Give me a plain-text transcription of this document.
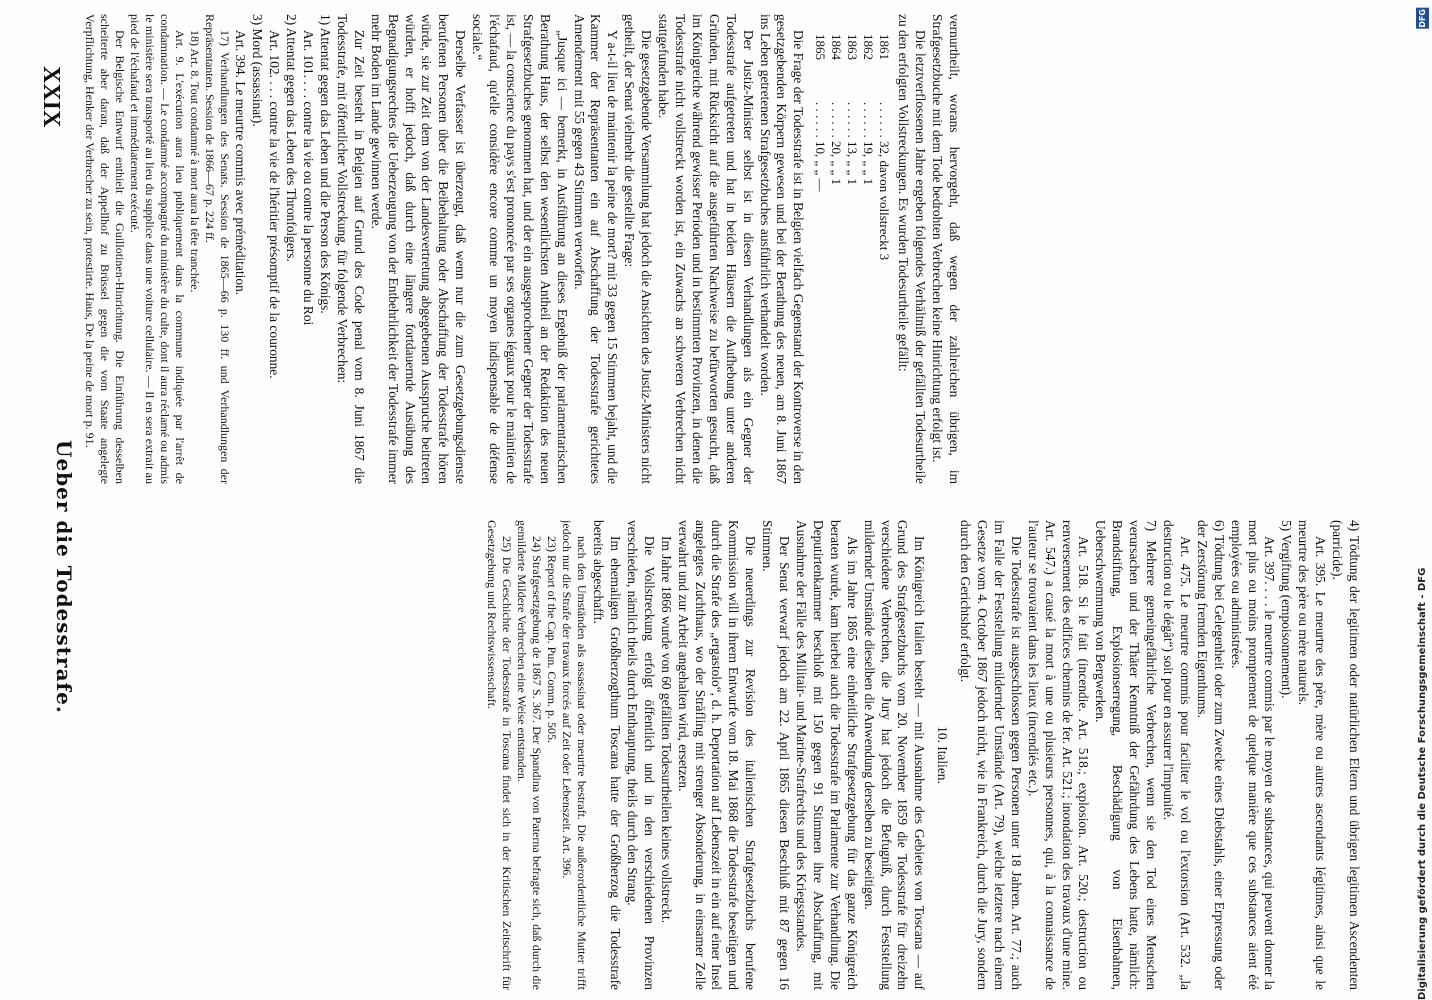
Ueber die Todesstrafe.
XXIX

4) Tödtung der legitimen oder natürlichen Eltern und übrigen legitimen Ascendenten (parricide).

Art. 395. Le meurtre des père, mère ou autres ascendants légitimes, ainsi que le meurtre des père ou mère naturels.

5) Vergiftung (empoisonnement).

Art. 397. . . . le meurtre commis par le moyen de substances, qui peuvent donner la mort plus ou moins promptement de quelque manière que ces substances aient été employées ou administrées.

6) Tödtung bei Gelegenheit oder zum Zwecke eines Diebstahls, einer Erpressung oder der Zerstörung fremden Eigenthums.

Art. 475. Le meurtre commis pour faciliter le vol ou l'extorsion (Art. 532. „la destruction ou le dégât“) soit pour en assurer l'impunité.

7) Mehrere gemeingefährliche Verbrechen, wenn sie den Tod eines Menschen verursachen und der Thäter Kenntniß der Gefährdung des Lebens hatte, nämlich: Brandstiftung, Explosionserregung, Beschädigung von Eisenbahnen, Ueberschwemmung von Bergwerken.

Art. 518. Si le fait (incendie. Art. 518.; explosion. Art. 520.; destruction ou renversement des edifices chemins de fer. Art. 521.; inondation des travaux d'une mine. Art. 547.) a causé la mort à une ou plusieurs personnes, qui, à la connaissance de l'auteur se trouvaient dans les lieux (incendiés etc.).

Die Todesstrafe ist ausgeschlossen gegen Personen unter 18 Jahren. Art. 77.; auch im Falle der Feststellung mildernder Umstände (Art. 79), welche letztere nach einem Gesetze vom 4. October 1867 jedoch nicht, wie in Frankreich, durch die Jury, sondern durch den Gerichtshof erfolgt.

10. Italien.

Im Königreich Italien besteht — mit Ausnahme des Gebietes von Toscana — auf Grund des Strafgesetzbuchs vom 20. November 1859 die Todesstrafe für dreizehn verschiedene Verbrechen, die Jury hat jedoch die Befugniß, durch Feststellung mildernder Umstände dieselben die Anwendung derselben zu beseitigen.

Als im Jahre 1865 eine einheitliche Strafgesetzgebung für das ganze Königreich beraten wurde, kam hierbei auch die Todesstrafe im Parlamente zur Verhandlung. Die Deputirtenkammer beschloß mit 150 gegen 91 Stimmen ihre Abschaffung, mit Ausnahme der Fälle des Militair- und Marine-Strafrechts und des Kriegsstandes.

Der Senat verwarf jedoch am 22. April 1865 diesen Beschluß mit 87 gegen 16 Stimmen.

Die neuerdings zur Revision des italienischen Strafgesetzbuchs berufene Kommission will in ihrem Entwurfe vom 18. Mai 1868 die Todesstrafe beseitigen und durch die Strafe des „ergastolo“, d. h. Deportation auf Lebenszeit in ein auf einer Insel angelegtes Zuchthaus, wo der Sträfling mit strenger Absonderung, in einsamer Zelle verwahrt und zur Arbeit angehalten wird, ersetzen.

Im Jahre 1866 wurde von 60 gefällten Todesurtheilen keines vollstreckt.

Die Vollstreckung erfolgt öffentlich und in den verschiedenen Provinzen verschieden, nämlich theils durch Enthauptung, theils durch den Strang.

Im ehemaligen Großherzogthum Toscana hatte der Großherzog die Todesstrafe bereits abgeschafft.

nach den Umständen als assassinat oder meurtre bestraft. Die außerordentliche Mutter trifft jedoch nur die Strafe der travaux forcés auf Zeit oder Lebenszeit. Art. 396.

23) Report of the Cap. Pun. Comm. p. 505.

24) Strafgesetzgebung de 1867 S. 367. Der Spandina von Paterna befragte sich, daß durch die gemilderte Mildere Verbrechen eine Weise entstanden.

25) Die Geschichte der Todesstrafe in Toscana findet sich in der Kritischen Zeitschrift für Gesetzgebung und Rechtswissenschaft.

vernurtheilt, worans hervorgeht, daß wegen der zahlreichen übrigen, im Strafgesetzbuche mit dem Tode bedrohten Verbrechen keine Hinrichtung erfolgt ist.

Die letztverflossenen Jahre ergeben folgendes Verhältniß der gefällten Todesurtheile zu den erfolgten Vollstreckungen. Es wurden Todesurtheile gefällt:

1861
. . . . . . 32, davon vollstreckt 3
1862
. . . . . . 19, „ „ 1
1863
. . . . . . 13, „ „ 1
1864
. . . . . . 20, „ „ 1
1865
. . . . . . 10, „ „ —

Die Frage der Todesstrafe ist in Belgien vielfach Gegenstand der Kontroverse in den gesetzgebenden Körpern gewesen und bei der Berathung des neuen, am 8. Juni 1867 ins Leben getretenen Strafgesetzbuches ausführlich verhandelt worden.

Der Justiz-Minister selbst ist in diesen Verhandlungen als ein Gegner der Todesstrafe aufgetreten und hat in beiden Häusern die Aufhebung unter anderen Gründen, mit Rücksicht auf die ausgeführten Nachweise zu befürworten gesucht, daß im Königreiche während gewisser Perioden und in bestimmten Provinzen, in denen die Todesstrafe nicht vollstreckt worden ist, ein Zuwachs an schweren Verbrechen nicht stattgefunden habe.

Die gesetzgebende Versammlung hat jedoch die Ansichten des Justiz-Ministers nicht getheilt, der Senat vielmehr die gestellte Frage:

Y a-t-il lieu de maintenir la peine de mort? mit 33 gegen 15 Stimmen bejaht, und die Kammer der Repräsentanten ein auf Abschaffung der Todesstrafe gerichtetes Amendement mit 55 gegen 43 Stimmen verworfen.

„Jusque ici — bemerkt, in Ausführung an dieses Ergebniß der parlamentarischen Berathung Haus, der selbst den wesentlichsten Antheil an der Redaktion des neuen Strafgesetzbuches genommen hat, und der ein ausgesprochener Gegner der Todesstrafe ist, — la conscience du pays s'est prononcée par ses organes légaux pour le maintien de l'échafaud, qu'elle considère encore comme un moyen indispensable de défense sociale.“

Derselbe Verfasser ist überzeugt, daß wenn nur die zum Gesetzgebungsdienste berufenen Personen über die Beibehaltung oder Abschaffung der Todesstrafe hören würde, sie zur Zeit dem von der Landesvertretung abgegebenen Ausspruche beitreten würden, er hofft jedoch, daß durch eine längere fortdauernde Ausübung des Begnadigungsrechtes die Ueberzeugung von der Entbehrlichkeit der Todesstrafe immer mehr Boden im Lande gewinnen werde.

Zur Zeit besteht in Belgien auf Grund des Code penal vom 8. Juni 1867 die Todesstrafe, mit öffentlicher Vollstreckung, für folgende Verbrechen:

1) Attentat gegen das Leben und die Person des Königs.

Art. 101. . . . contre la vie ou contre la personne du Roi

2) Attentat gegen das Leben des Thronfolgers.

Art. 102. . . . contre la vie de l'héritier présomptif de la couronne.

3) Mord (assassinat).

Art. 394. Le meurtre commis avec préméditation.

17) Verhandlungen des Senats. Session de 1865—66 p. 130 ff. und Verhandlungen der Repräsentanten. Session de 1866—67 p. 224 ff.

18) Art. 8. Tout condamné à mort aura la tête tranchée.

Art. 9. L'exécution aura lieu publiquement dans la commune indiquée par l'arrêt de condamnation. — Le condamné accompagné du ministère du culte, dont il aura réclamé ou admis le ministère sera transporté au lieu du supplice dans une voiture cellulaire. — Il en sera extrait au pied de l'échafaud et immédiatement exécuté.

Der Belgische Entwurf enthielt die Guillotinen-Hinrichtung. Die Einführung desselben scheiterte aber daran, daß der Appellhof zu Brüssel gegen die vom Staate angelegte Verpflichtung, Henker der Verbrecher zu sein, protestirte. Haus, De la peine de mort p. 91.

Digitalisierung gefördert durch die Deutsche Forschungsgemeinschaft - DFG
DFG
